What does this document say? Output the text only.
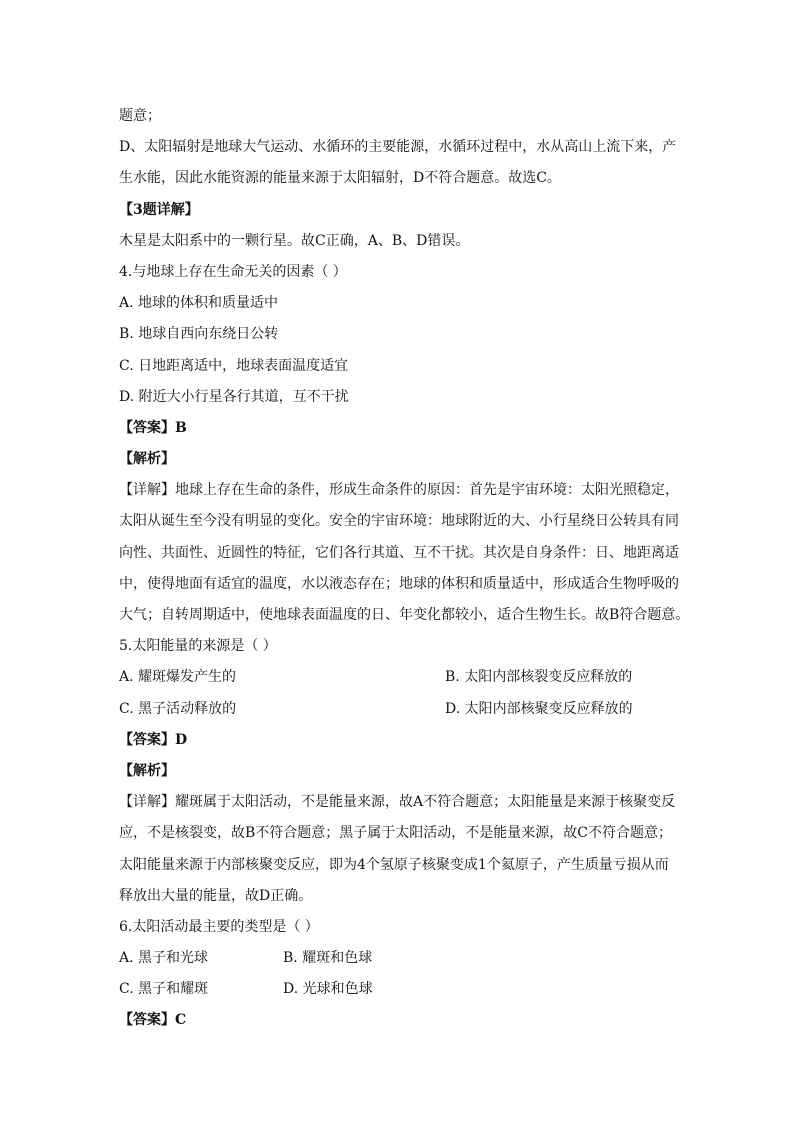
题意；
D、太阳辐射是地球大气运动、水循环的主要能源，水循环过程中，水从高山上流下来，产
生水能，因此水能资源的能量来源于太阳辐射，D不符合题意。故选C。
【3题详解】
木星是太阳系中的一颗行星。故C正确，A、B、D错误。
4.与地球上存在生命无关的因素（ ）
A. 地球的体积和质量适中
B. 地球自西向东绕日公转
C. 日地距离适中，地球表面温度适宜
D. 附近大小行星各行其道，互不干扰
【答案】B
【解析】
【详解】地球上存在生命的条件，形成生命条件的原因：首先是宇宙环境：太阳光照稳定，
太阳从诞生至今没有明显的变化。安全的宇宙环境：地球附近的大、小行星绕日公转具有同
向性、共面性、近圆性的特征，它们各行其道、互不干扰。其次是自身条件：日、地距离适
中，使得地面有适宜的温度，水以液态存在；地球的体积和质量适中，形成适合生物呼吸的
大气；自转周期适中，使地球表面温度的日、年变化都较小，适合生物生长。故B符合题意。
5.太阳能量的来源是（ ）
A. 耀斑爆发产生的	B. 太阳内部核裂变反应释放的
C. 黑子活动释放的	D. 太阳内部核聚变反应释放的
【答案】D
【解析】
【详解】耀斑属于太阳活动，不是能量来源，故A不符合题意；太阳能量是来源于核聚变反
应，不是核裂变，故B不符合题意；黑子属于太阳活动，不是能量来源，故C不符合题意；
太阳能量来源于内部核聚变反应，即为4个氢原子核聚变成1个氦原子，产生质量亏损从而
释放出大量的能量，故D正确。
6.太阳活动最主要的类型是（ ）
A. 黑子和光球	B. 耀斑和色球
C. 黑子和耀斑	D. 光球和色球
【答案】C
